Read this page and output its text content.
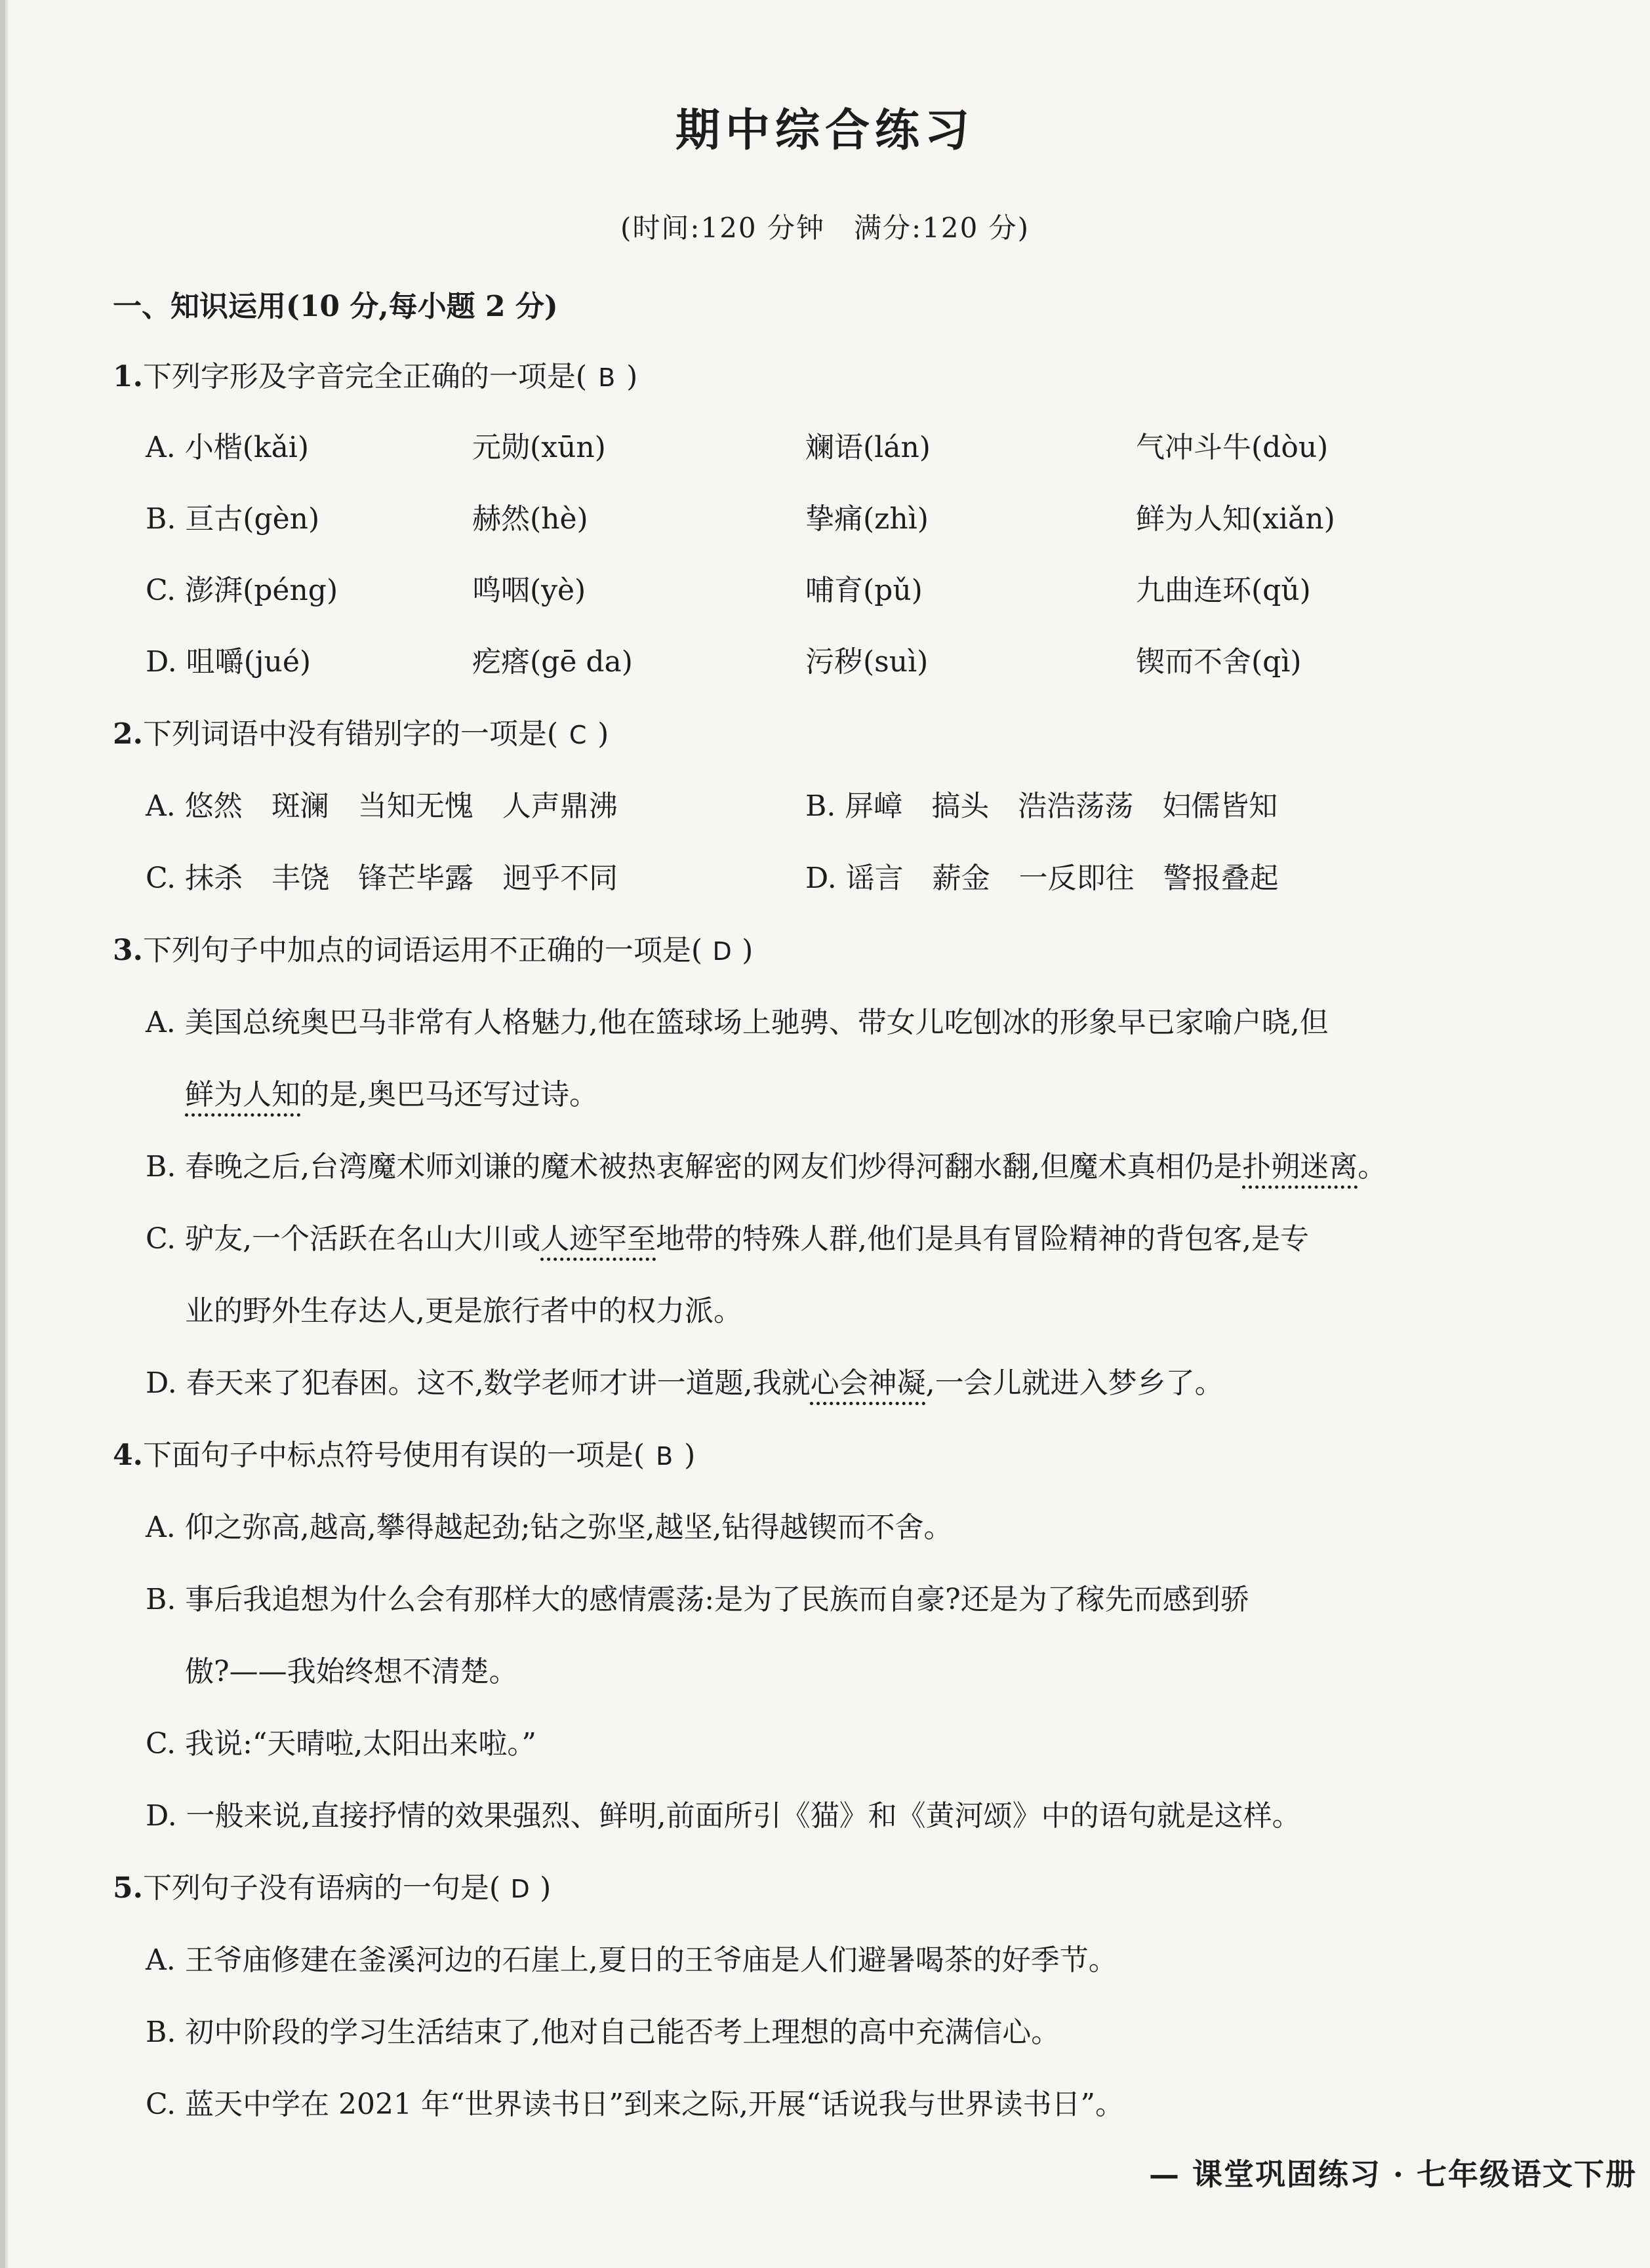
期中综合练习
(时间:120 分钟　满分:120 分)
一、知识运用(10 分,每小题 2 分)
1.下列字形及字音完全正确的一项是( B )
A. 小楷(kǎi)	元勋(xūn)	斓语(lán)	气冲斗牛(dòu)
B. 亘古(gèn)	赫然(hè)	挚痛(zhì)	鲜为人知(xiǎn)
C. 澎湃(péng)	鸣咽(yè)	哺育(pǔ)	九曲连环(qǔ)
D. 咀嚼(jué)	疙瘩(gē da)	污秽(suì)	锲而不舍(qì)
2.下列词语中没有错别字的一项是( C )
A. 悠然　斑澜　当知无愧　人声鼎沸	B. 屏嶂　搞头　浩浩荡荡　妇儒皆知
C. 抹杀　丰饶　锋芒毕露　迥乎不同	D. 谣言　薪金　一反即往　警报叠起
3.下列句子中加点的词语运用不正确的一项是( D )
A. 美国总统奥巴马非常有人格魅力,他在篮球场上驰骋、带女儿吃刨冰的形象早已家喻户晓,但
鲜为人知的是,奥巴马还写过诗。
B. 春晚之后,台湾魔术师刘谦的魔术被热衷解密的网友们炒得河翻水翻,但魔术真相仍是扑朔迷离。
C. 驴友,一个活跃在名山大川或人迹罕至地带的特殊人群,他们是具有冒险精神的背包客,是专
业的野外生存达人,更是旅行者中的权力派。
D. 春天来了犯春困。这不,数学老师才讲一道题,我就心会神凝,一会儿就进入梦乡了。
4.下面句子中标点符号使用有误的一项是( B )
A. 仰之弥高,越高,攀得越起劲;钻之弥坚,越坚,钻得越锲而不舍。
B. 事后我追想为什么会有那样大的感情震荡:是为了民族而自豪?还是为了稼先而感到骄
傲?——我始终想不清楚。
C. 我说:“天晴啦,太阳出来啦。”
D. 一般来说,直接抒情的效果强烈、鲜明,前面所引《猫》和《黄河颂》中的语句就是这样。
5.下列句子没有语病的一句是( D )
A. 王爷庙修建在釜溪河边的石崖上,夏日的王爷庙是人们避暑喝茶的好季节。
B. 初中阶段的学习生活结束了,他对自己能否考上理想的高中充满信心。
C. 蓝天中学在 2021 年“世界读书日”到来之际,开展“话说我与世界读书日”。
— 课堂巩固练习 · 七年级语文下册
